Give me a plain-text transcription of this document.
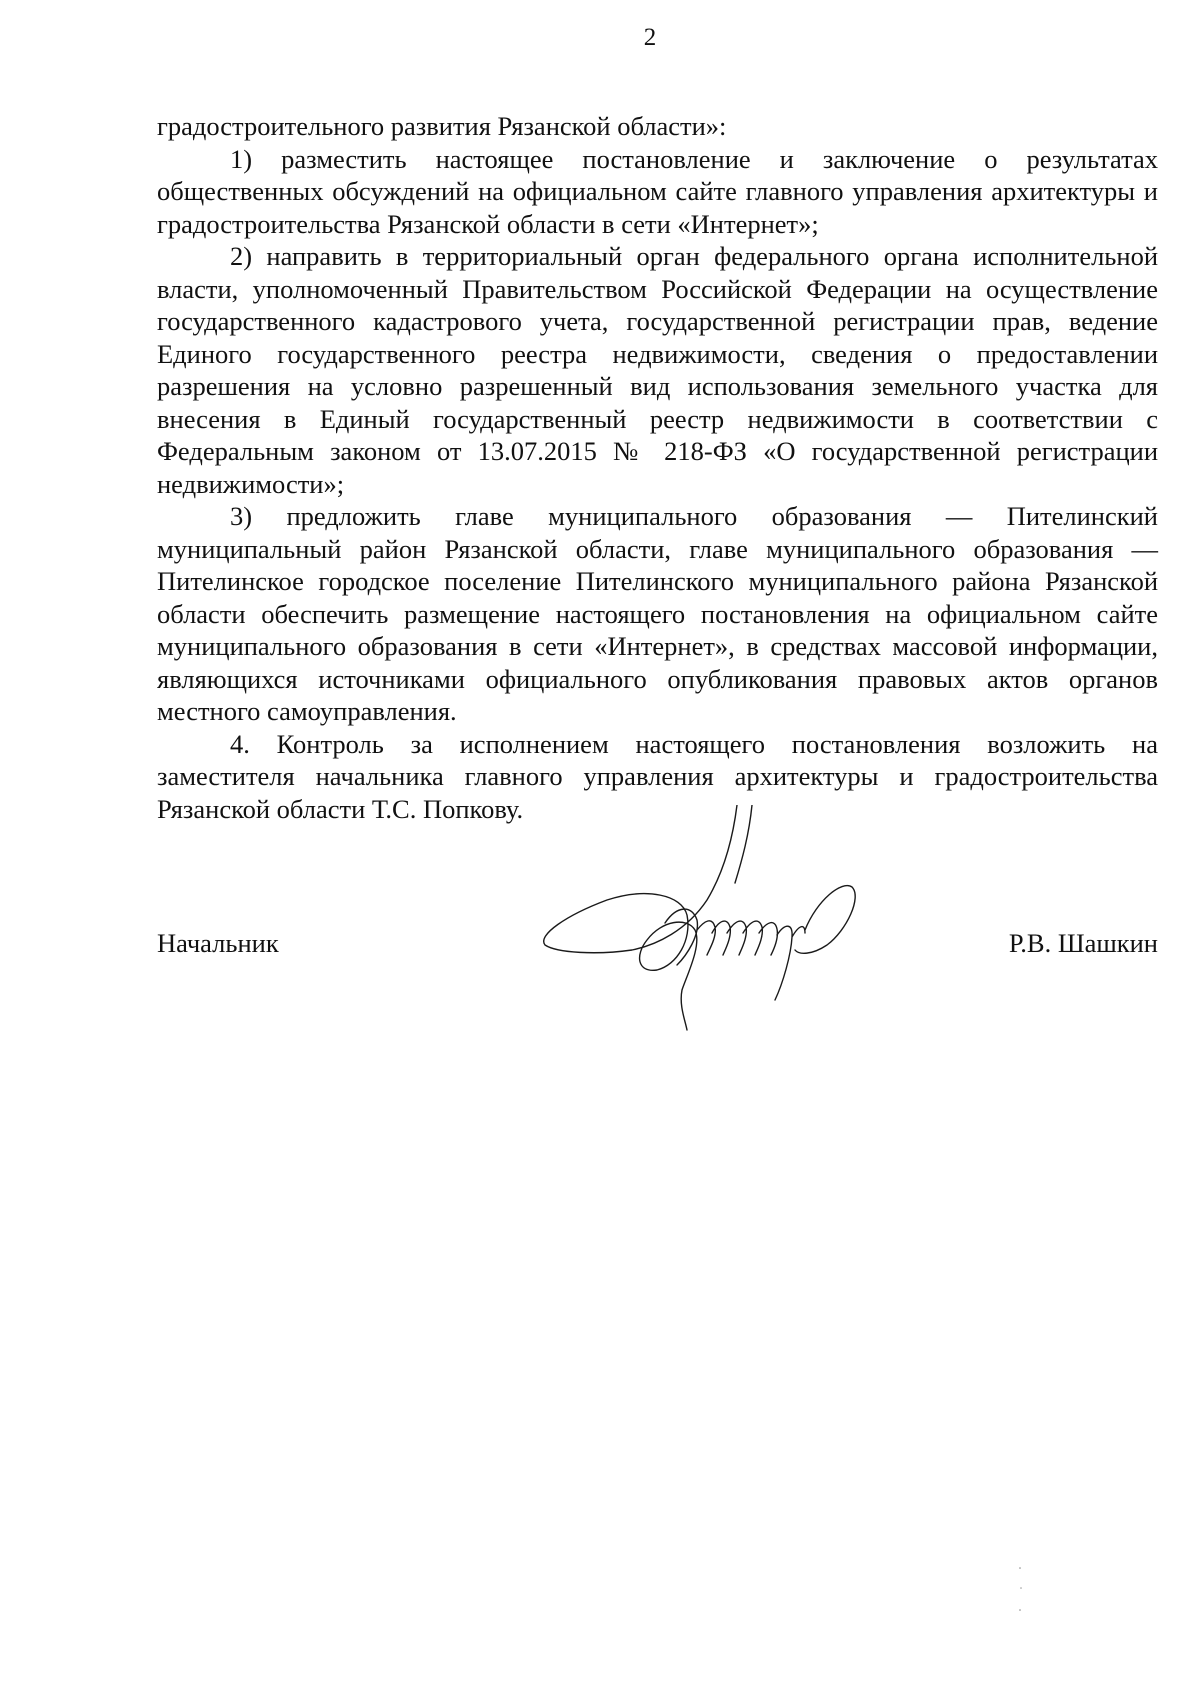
2

градостроительного развития Рязанской области»:

1) разместить настоящее постановление и заключение о результатах общественных обсуждений на официальном сайте главного управления архитектуры и градостроительства Рязанской области в сети «Интернет»;

2) направить в территориальный орган федерального органа исполнительной власти, уполномоченный Правительством Российской Федерации на осуществление государственного кадастрового учета, государственной регистрации прав, ведение Единого государственного реестра недвижимости, сведения о предоставлении разрешения на условно разрешенный вид использования земельного участка для внесения в Единый государственный реестр недвижимости в соответствии с Федеральным законом от 13.07.2015 № 218-ФЗ «О государственной регистрации недвижимости»;

3) предложить главе муниципального образования — Пителинский муниципальный район Рязанской области, главе муниципального образования — Пителинское городское поселение Пителинского муниципального района Рязанской области обеспечить размещение настоящего постановления на официальном сайте муниципального образования в сети «Интернет», в средствах массовой информации, являющихся источниками официального опубликования правовых актов органов местного самоуправления.

4. Контроль за исполнением настоящего постановления возложить на заместителя начальника главного управления архитектуры и градостроительства Рязанской области Т.С. Попкову.

Начальник	Р.В. Шашкин
